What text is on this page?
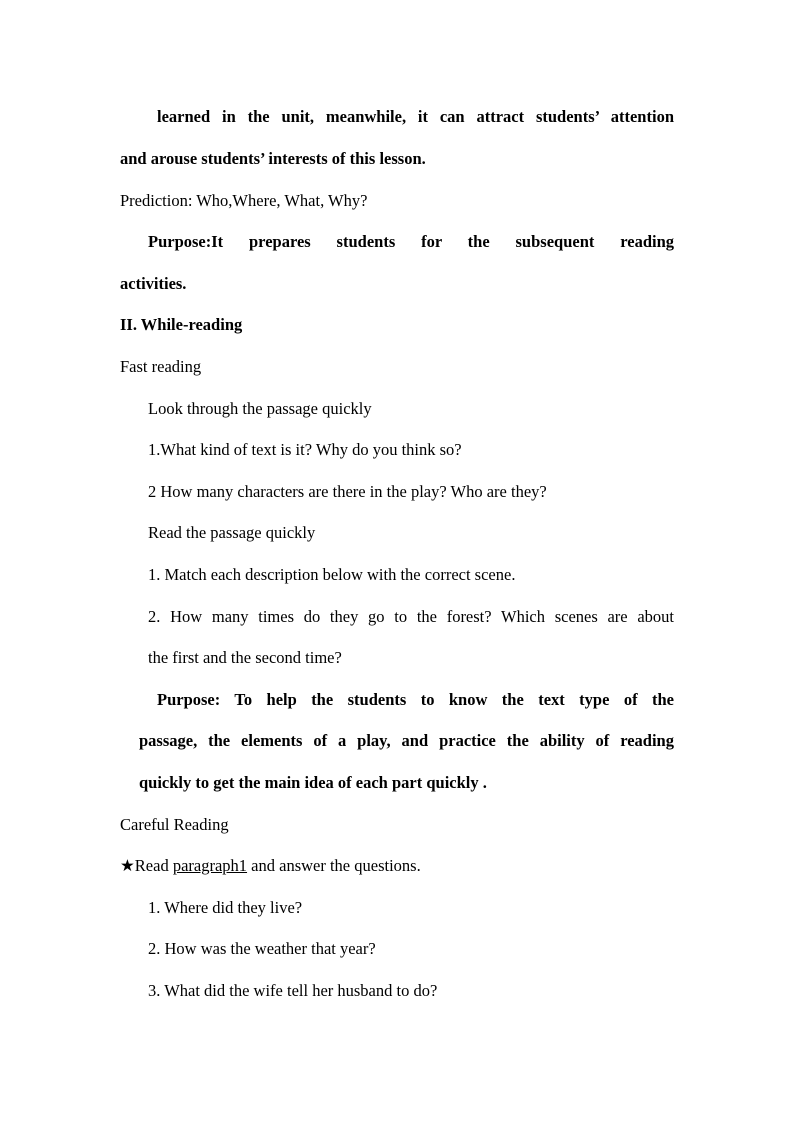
learned in the unit, meanwhile, it can attract students’ attention
and arouse students’ interests of this lesson.
Prediction: Who,Where, What, Why?
Purpose:It prepares students for the subsequent reading
activities.
II. While-reading
Fast reading
Look through the passage quickly
1.What kind of text is it? Why do you think so?
2 How many characters are there in the play? Who are they?
Read the passage quickly
1. Match each description below with the correct scene.
2. How many times do they go to the forest? Which scenes are about
the first and the second time?
Purpose: To help the students to know the text type of the
passage, the elements of a play, and practice the ability of reading
quickly to get the main idea of each part quickly .
Careful Reading
★Read paragraph1 and answer the questions.
1. Where did they live?
2. How was the weather that year?
3. What did the wife tell her husband to do?
